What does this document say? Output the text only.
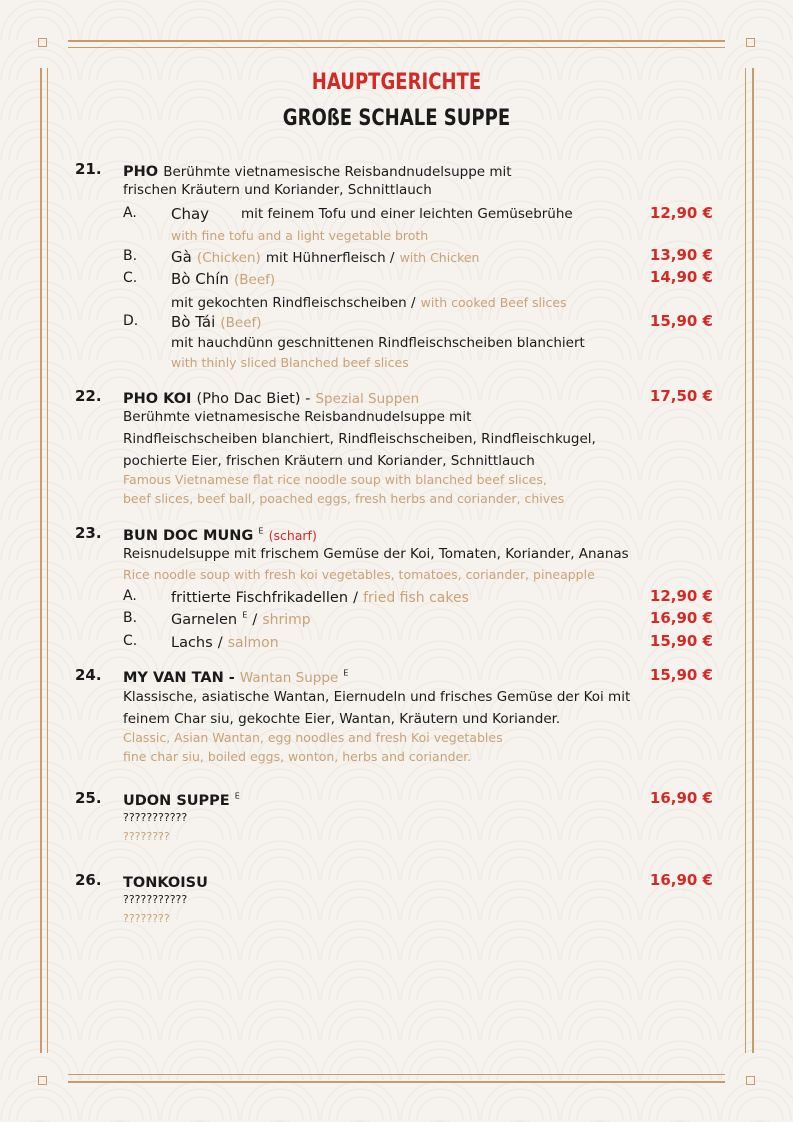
HAUPTGERICHTE
GROßE SCHALE SUPPE
21. PHO Berühmte vietnamesische Reisbandnudelsuppe mit
frischen Kräutern und Koriander, Schnittlauch
A. Chay mit feinem Tofu und einer leichten Gemüsebrühe	12,90 €
with fine tofu and a light vegetable broth
B. Gà (Chicken) mit Hühnerfleisch / with Chicken	13,90 €
C. Bò Chín (Beef)	14,90 €
mit gekochten Rindfleischscheiben / with cooked Beef slices
D. Bò Tái (Beef)	15,90 €
mit hauchdünn geschnittenen Rindfleischscheiben blanchiert
with thinly sliced Blanched beef slices
22. PHO KOI (Pho Dac Biet) - Spezial Suppen	17,50 €
Berühmte vietnamesische Reisbandnudelsuppe mit
Rindfleischscheiben blanchiert, Rindfleischscheiben, Rindfleischkugel,
pochierte Eier, frischen Kräutern und Koriander, Schnittlauch
Famous Vietnamese flat rice noodle soup with blanched beef slices,
beef slices, beef ball, poached eggs, fresh herbs and coriander, chives
23. BUN DOC MUNG $^E$ (scharf)
Reisnudelsuppe mit frischem Gemüse der Koi, Tomaten, Koriander, Ananas
Rice noodle soup with fresh koi vegetables, tomatoes, coriander, pineapple
A. frittierte Fischfrikadellen / fried fish cakes	12,90 €
B. Garnelen $^E$ / shrimp	16,90 €
C. Lachs / salmon	15,90 €
24. MY VAN TAN - Wantan Suppe $^E$	15,90 €
Klassische, asiatische Wantan, Eiernudeln und frisches Gemüse der Koi mit
feinem Char siu, gekochte Eier, Wantan, Kräutern und Koriander.
Classic, Asian Wantan, egg noodles and fresh Koi vegetables
fine char siu, boiled eggs, wonton, herbs and coriander.
25. UDON SUPPE $^E$	16,90 €
???????????
????????
26. TONKOISU	16,90 €
???????????
????????
